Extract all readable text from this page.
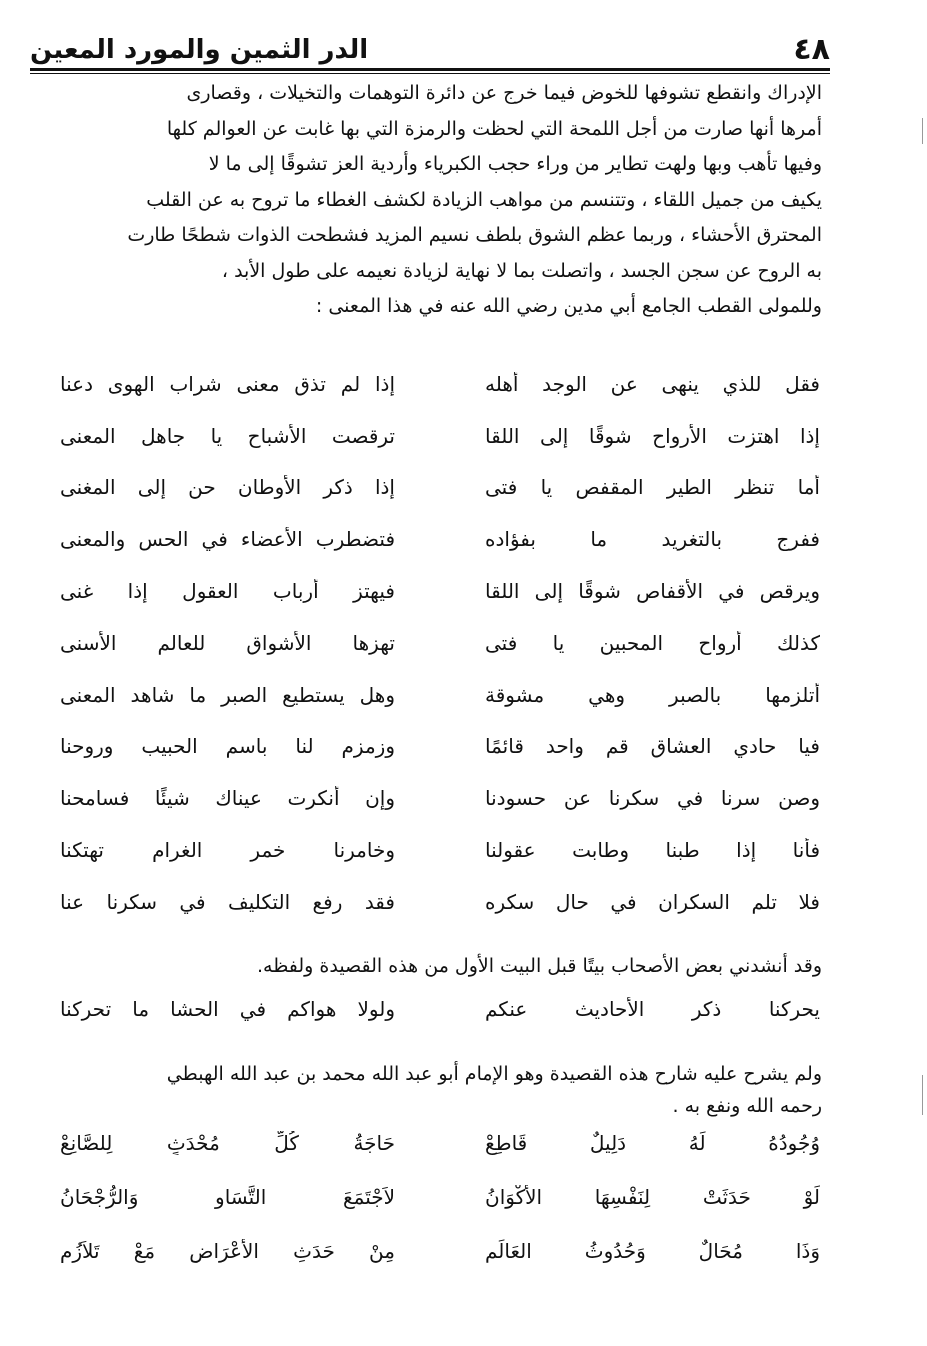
٤٨
الدر الثمين والمورد المعين

الإدراك وانقطع تشوفها للخوض فيما خرج عن دائرة التوهمات والتخيلات ، وقصارى

أمرها أنها صارت من أجل اللمحة التي لحظت والرمزة التي بها غابت عن العوالم كلها

وفيها تأهب وبها ولهت تطاير من وراء حجب الكبرياء وأردية العز تشوقًا إلى ما لا

يكيف من جميل اللقاء ، وتتنسم من مواهب الزيادة لكشف الغطاء ما تروح به عن القلب

المحترق الأحشاء ، وربما عظم الشوق بلطف نسيم المزيد فشطحت الذوات شطحًا طارت

به الروح عن سجن الجسد ، واتصلت بما لا نهاية لزيادة نعيمه على طول الأبد ،

وللمولى القطب الجامع أبي مدين رضي الله عنه في هذا المعنى :

فقل للذي ينهى عن الوجد أهله
إذا لم تذق معنى شراب الهوى دعنا
إذا اهتزت الأرواح شوقًا إلى اللقا
ترقصت الأشباح يا جاهل المعنى
أما تنظر الطير المقفص يا فتى
إذا ذكر الأوطان حن إلى المغنى
ففرج بالتغريد ما بفؤاده
فتضطرب الأعضاء في الحس والمعنى
ويرقص في الأقفاص شوقًا إلى اللقا
فيهتز أرباب العقول إذا غنى
كذلك أرواح المحبين يا فتى
تهزها الأشواق للعالم الأسنى
أتلزمها بالصبر وهي مشوقة
وهل يستطيع الصبر ما شاهد المعنى
فيا حادي العشاق قم واحد قائمًا
وزمزم لنا باسم الحبيب وروحنا
وصن سرنا في سكرنا عن حسودنا
وإن أنكرت عيناك شيئًا فسامحنا
فأنا إذا طبنا وطابت عقولنا
وخامرنا خمر الغرام تهتكنا
فلا تلم السكران في حال سكره
فقد رفع التكليف في سكرنا عنا

وقد أنشدني بعض الأصحاب بيتًا قبل البيت الأول من هذه القصيدة ولفظه.

يحركنا ذكر الأحاديث عنكم
ولولا هواكم في الحشا ما تحركنا

ولم يشرح عليه شارح هذه القصيدة وهو الإمام أبو عبد الله محمد بن عبد الله الهبطي

رحمه الله ونفع به .

وُجُودُهُ لَهُ دَلِيلٌ قَاطِعْ
حَاجَةُ كُلِّ مُحْدَثٍ لِلصَّانِعْ
لَوْ حَدَثَتْ لِنَفْسِهَا الأَكْوَانُ
لاَجْتَمَعَ التَّسَاوِ وَالرُّجْحَانُ
وَذَا مُحَالٌ وَحُدُوثُ العَالَمِ
مِنْ حَدَثِ الأَعْرَاضِ مَعْ تَلاَزُمِ
